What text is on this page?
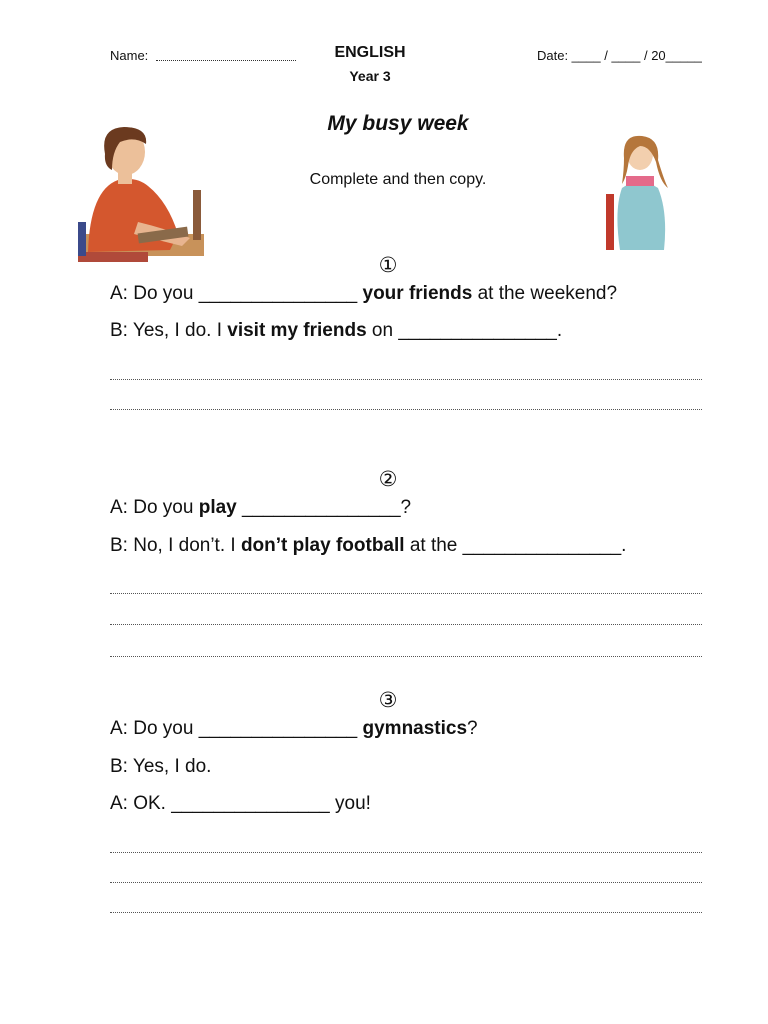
Name:	ENGLISH
Year 3
Date: ____ / ____ / 20_____
My busy week
Complete and then copy.
①
A: Do you _______________ your friends at the weekend?
B: Yes, I do. I visit my friends on _______________.
②
A: Do you play _______________?
B: No, I don’t. I don’t play football at the _______________.
③
A: Do you _______________ gymnastics?
B: Yes, I do.
A: OK. _______________ you!
